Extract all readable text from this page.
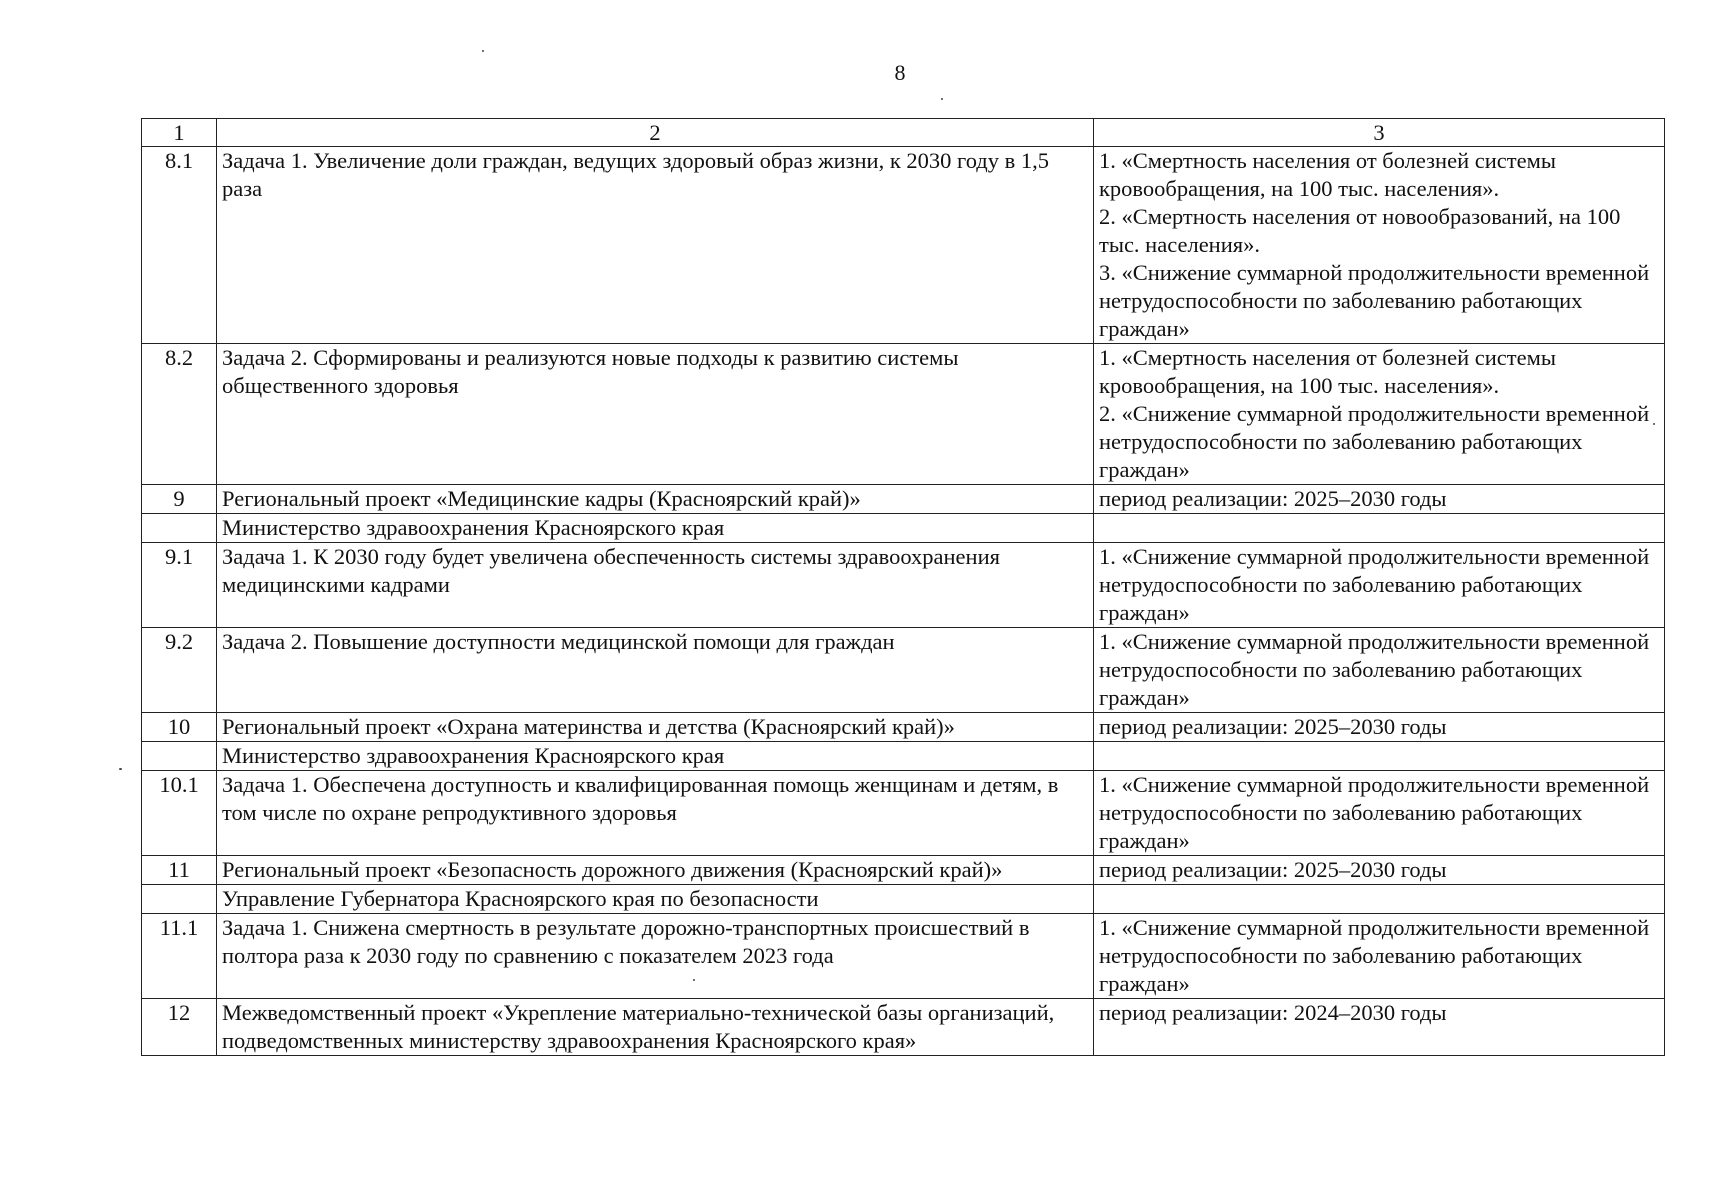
8
1	2	3
8.1	Задача 1. Увеличение доли граждан, ведущих здоровый образ жизни, к 2030 году в 1,5 раза	1. «Смертность населения от болезней системы кровообращения, на 100 тыс. населения».
2. «Смертность населения от новообразований, на 100 тыс. населения».
3. «Снижение суммарной продолжительности временной нетрудоспособности по заболеванию работающих граждан»

8.2	Задача 2. Сформированы и реализуются новые подходы к развитию системы общественного здоровья	1. «Смертность населения от болезней системы кровообращения, на 100 тыс. населения».
2. «Снижение суммарной продолжительности временной нетрудоспособности по заболеванию работающих граждан»

9	Региональный проект «Медицинские кадры (Красноярский край)»	период реализации: 2025–2030 годы

	Министерство здравоохранения Красноярского края	
9.1	Задача 1. К 2030 году будет увеличена обеспеченность системы здравоохранения медицинскими кадрами	1. «Снижение суммарной продолжительности временной нетрудоспособности по заболеванию работающих граждан»

9.2	Задача 2. Повышение доступности медицинской помощи для граждан	1. «Снижение суммарной продолжительности временной нетрудоспособности по заболеванию работающих граждан»

10	Региональный проект «Охрана материнства и детства (Красноярский край)»	период реализации: 2025–2030 годы

	Министерство здравоохранения Красноярского края	
10.1	Задача 1. Обеспечена доступность и квалифицированная помощь женщинам и детям, в том числе по охране репродуктивного здоровья	1. «Снижение суммарной продолжительности временной нетрудоспособности по заболеванию работающих граждан»

11	Региональный проект «Безопасность дорожного движения (Красноярский край)»	период реализации: 2025–2030 годы

	Управление Губернатора Красноярского края по безопасности	
11.1	Задача 1. Снижена смертность в результате дорожно-транспортных происшествий в полтора раза к 2030 году по сравнению с показателем 2023 года	1. «Снижение суммарной продолжительности временной нетрудоспособности по заболеванию работающих граждан»

12	Межведомственный проект «Укрепление материально-технической базы организаций, подведомственных министерству здравоохранения Красноярского края»	период реализации: 2024–2030 годы
